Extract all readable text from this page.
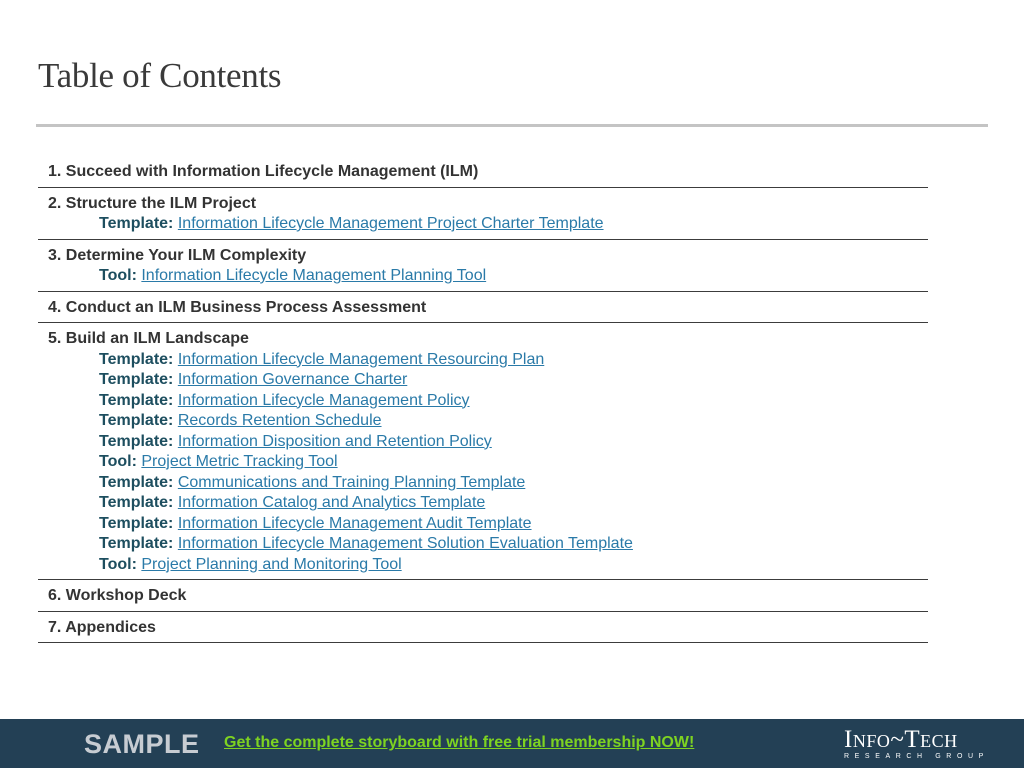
Table of Contents
1. Succeed with Information Lifecycle Management (ILM)
2. Structure the ILM Project
Template: Information Lifecycle Management Project Charter Template
3. Determine Your ILM Complexity
Tool: Information Lifecycle Management Planning Tool
4. Conduct an ILM Business Process Assessment
5. Build an ILM Landscape
Template: Information Lifecycle Management Resourcing Plan
Template: Information Governance Charter
Template: Information Lifecycle Management Policy
Template: Records Retention Schedule
Template: Information Disposition and Retention Policy
Tool: Project Metric Tracking Tool
Template: Communications and Training Planning Template
Template: Information Catalog and Analytics Template
Template: Information Lifecycle Management Audit Template
Template: Information Lifecycle Management Solution Evaluation Template
Tool: Project Planning and Monitoring Tool
6. Workshop Deck
7. Appendices
SAMPLE Get the complete storyboard with free trial membership NOW!	Info~Tech
RESEARCH GROUP
